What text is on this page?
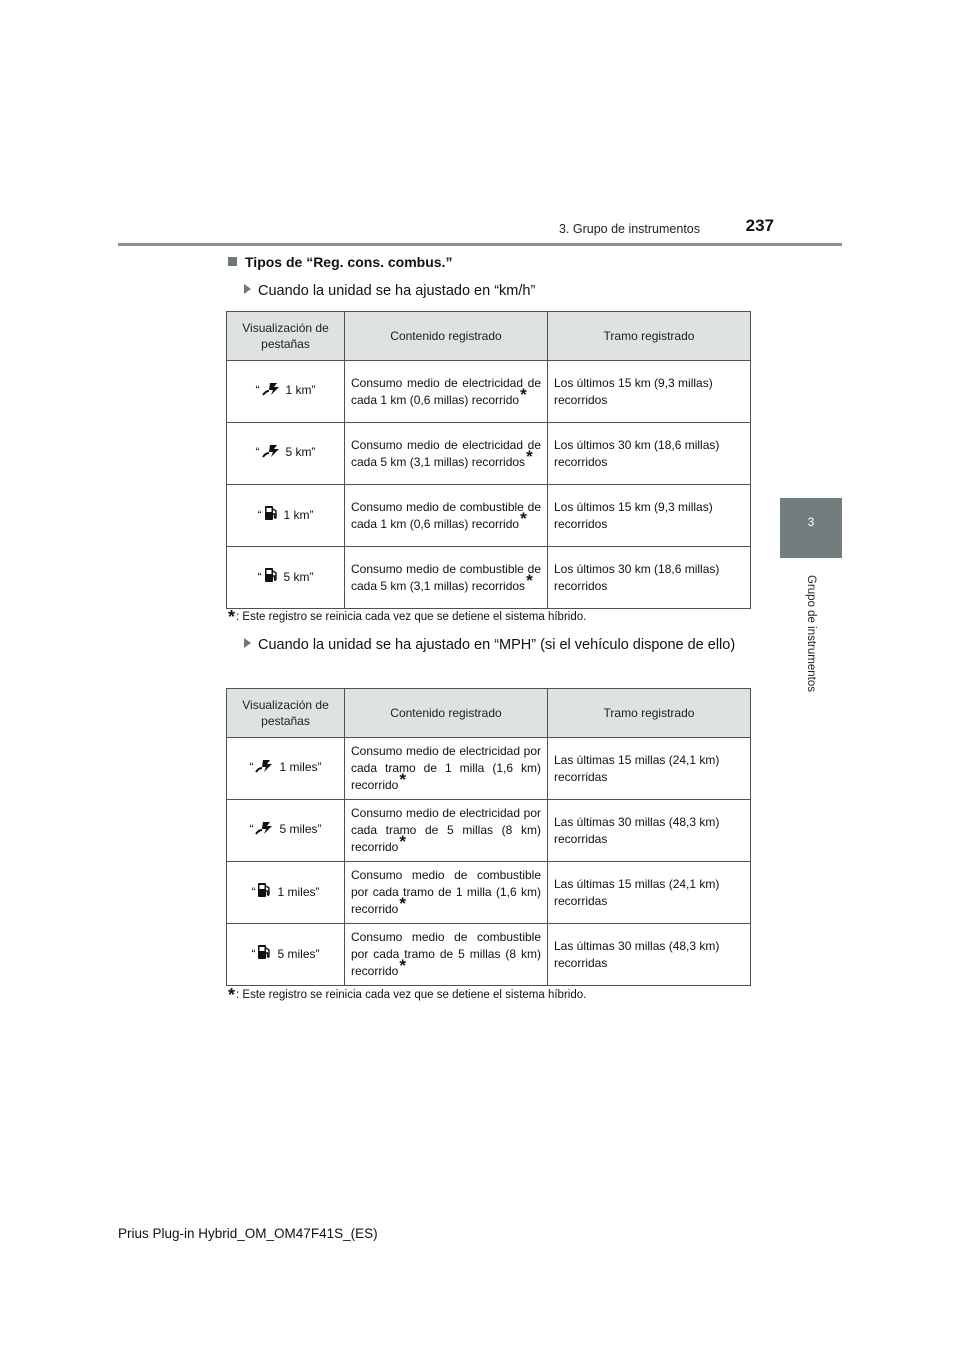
3. Grupo de instrumentos	237
3
Grupo de instrumentos
Tipos de “Reg. cons. combus.”
Cuando la unidad se ha ajustado en “km/h”
Visualización de pestañas	Contenido registrado	Tramo registrado
“ 1 km”	Consumo medio de electricidad de cada 1 km (0,6 millas) recorrido*	Los últimos 15 km (9,3 millas) recorridos
“ 5 km”	Consumo medio de electricidad de cada 5 km (3,1 millas) recorridos*	Los últimos 30 km (18,6 millas) recorridos
“ 1 km”	Consumo medio de combustible de cada 1 km (0,6 millas) recorrido*	Los últimos 15 km (9,3 millas) recorridos
“ 5 km”	Consumo medio de combustible de cada 5 km (3,1 millas) recorridos*	Los últimos 30 km (18,6 millas) recorridos
*: Este registro se reinicia cada vez que se detiene el sistema híbrido.
Cuando la unidad se ha ajustado en “MPH” (si el vehículo dispone de ello)
Visualización de pestañas	Contenido registrado	Tramo registrado
“ 1 miles”	Consumo medio de electricidad por cada tramo de 1 milla (1,6 km) recorrido*	Las últimas 15 millas (24,1 km) recorridas
“ 5 miles”	Consumo medio de electricidad por cada tramo de 5 millas (8 km) recorrido*	Las últimas 30 millas (48,3 km) recorridas
“ 1 miles”	Consumo medio de combustible por cada tramo de 1 milla (1,6 km) recorrido*	Las últimas 15 millas (24,1 km) recorridas
“ 5 miles”	Consumo medio de combustible por cada tramo de 5 millas (8 km) recorrido*	Las últimas 30 millas (48,3 km) recorridas
*: Este registro se reinicia cada vez que se detiene el sistema híbrido.
Prius Plug-in Hybrid_OM_OM47F41S_(ES)
